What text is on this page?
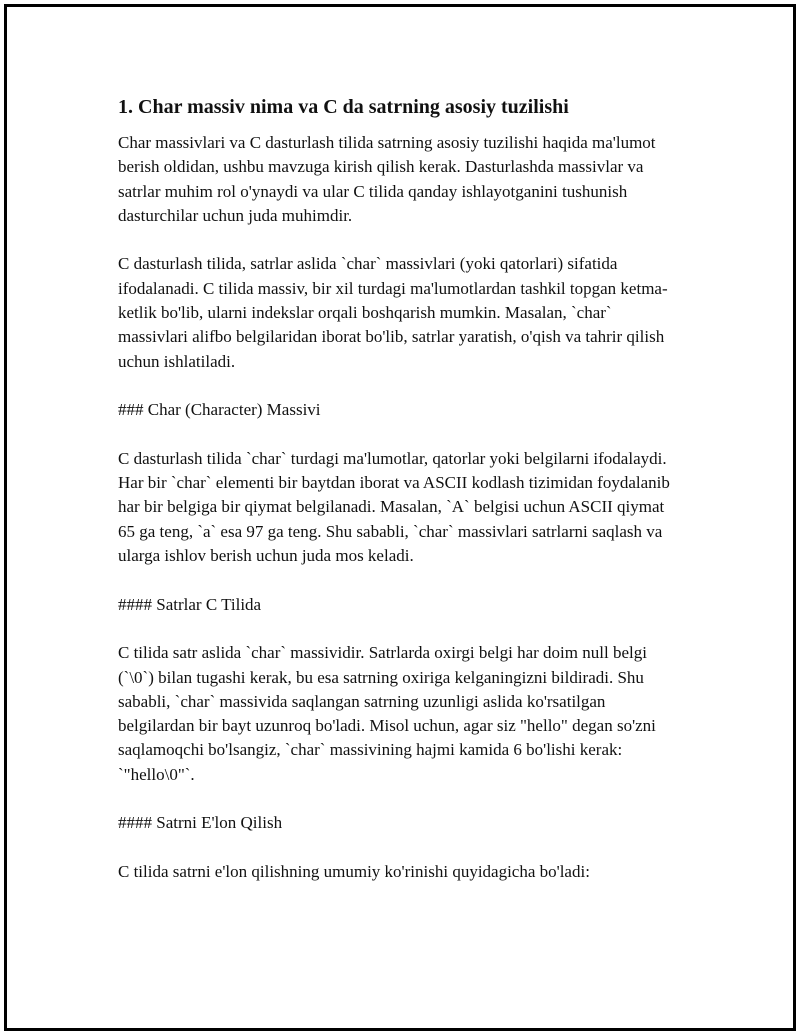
1. Char massiv nima va C da satrning asosiy tuzilishi

Char massivlari va C dasturlash tilida satrning asosiy tuzilishi haqida ma'lumot berish oldidan, ushbu mavzuga kirish qilish kerak. Dasturlashda massivlar va satrlar muhim rol o'ynaydi va ular C tilida qanday ishlayotganini tushunish dasturchilar uchun juda muhimdir.

C dasturlash tilida, satrlar aslida `char` massivlari (yoki qatorlari) sifatida ifodalanadi. C tilida massiv, bir xil turdagi ma'lumotlardan tashkil topgan ketma-ketlik bo'lib, ularni indekslar orqali boshqarish mumkin. Masalan, `char` massivlari alifbo belgilaridan iborat bo'lib, satrlar yaratish, o'qish va tahrir qilish uchun ishlatiladi.

### Char (Character) Massivi

C dasturlash tilida `char` turdagi ma'lumotlar, qatorlar yoki belgilarni ifodalaydi. Har bir `char` elementi bir baytdan iborat va ASCII kodlash tizimidan foydalanib har bir belgiga bir qiymat belgilanadi. Masalan, `A` belgisi uchun ASCII qiymat 65 ga teng, `a` esa 97 ga teng. Shu sababli, `char` massivlari satrlarni saqlash va ularga ishlov berish uchun juda mos keladi.

#### Satrlar C Tilida

C tilida satr aslida `char` massividir. Satrlarda oxirgi belgi har doim null belgi (`\0`) bilan tugashi kerak, bu esa satrning oxiriga kelganingizni bildiradi. Shu sababli, `char` massivida saqlangan satrning uzunligi aslida ko'rsatilgan belgilardan bir bayt uzunroq bo'ladi. Misol uchun, agar siz "hello" degan so'zni saqlamoqchi bo'lsangiz, `char` massivining hajmi kamida 6 bo'lishi kerak: `"hello\0"`.

#### Satrni E'lon Qilish

C tilida satrni e'lon qilishning umumiy ko'rinishi quyidagicha bo'ladi:
